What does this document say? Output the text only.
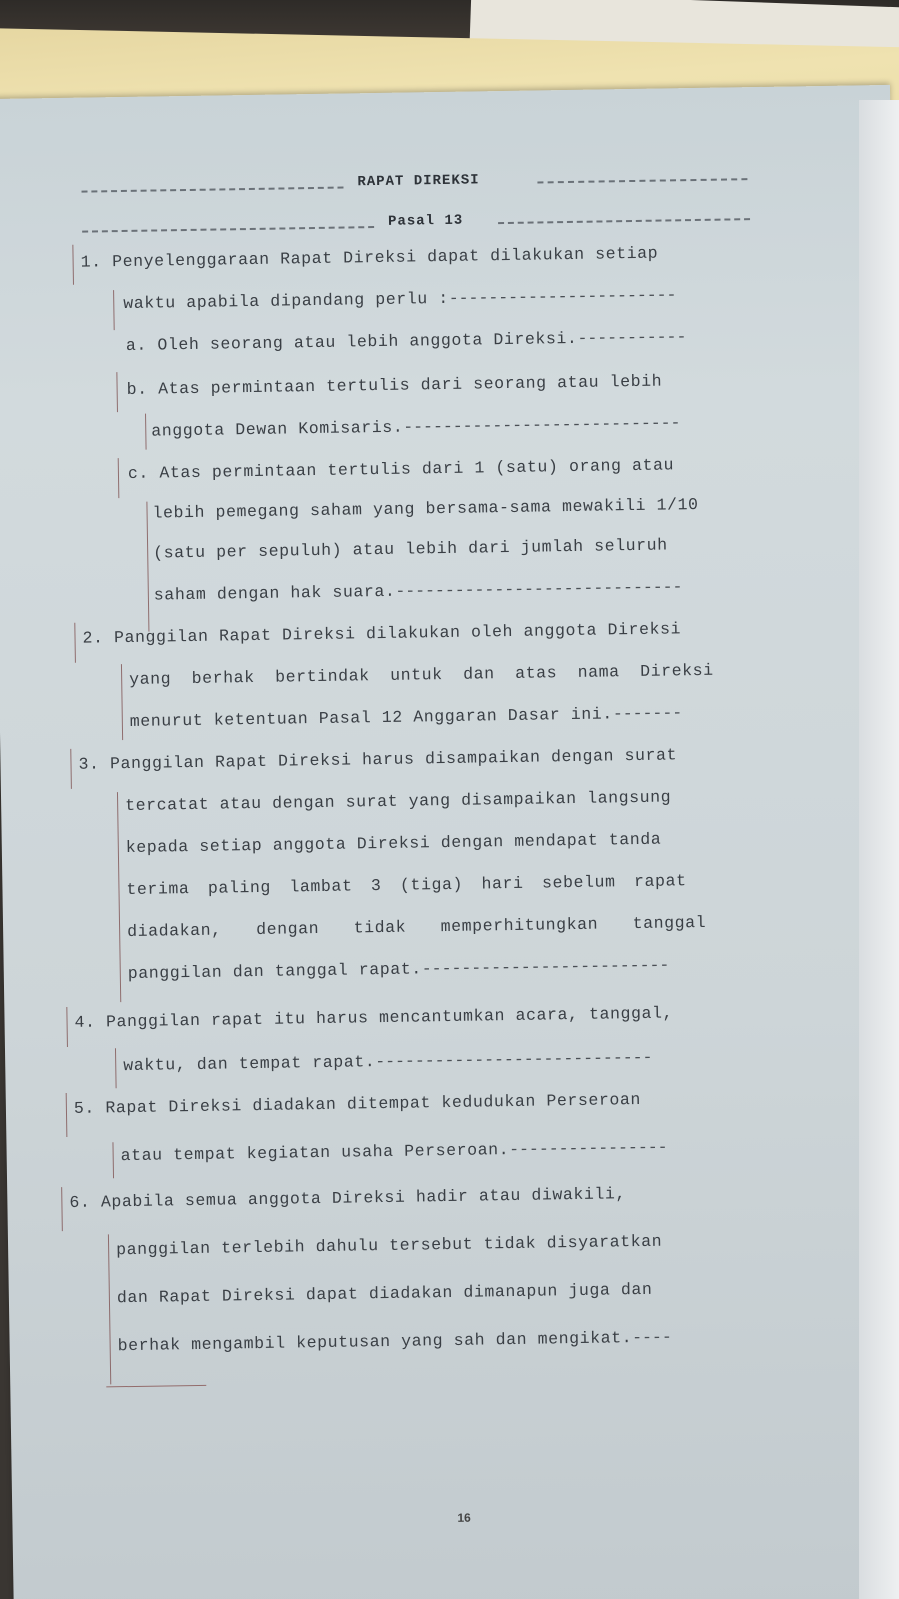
RAPAT DIREKSI
Pasal 13
1. Penyelenggaraan Rapat Direksi dapat dilakukan setiap
waktu apabila dipandang perlu :-----------------------
a. Oleh seorang atau lebih anggota Direksi.-----------
b. Atas permintaan tertulis dari seorang atau lebih
anggota Dewan Komisaris.----------------------------
c. Atas permintaan tertulis dari 1 (satu) orang atau
lebih pemegang saham yang bersama-sama mewakili 1/10
(satu per sepuluh) atau lebih dari jumlah seluruh
saham dengan hak suara.-----------------------------
2. Panggilan Rapat Direksi dilakukan oleh anggota Direksi
yang berhak bertindak untuk dan atas nama Direksi
menurut ketentuan Pasal 12 Anggaran Dasar ini.-------
3. Panggilan Rapat Direksi harus disampaikan dengan surat
tercatat atau dengan surat yang disampaikan langsung
kepada setiap anggota Direksi dengan mendapat tanda
terima paling lambat 3 (tiga) hari sebelum rapat
diadakan, dengan tidak memperhitungkan tanggal
panggilan dan tanggal rapat.-------------------------
4. Panggilan rapat itu harus mencantumkan acara, tanggal,
waktu, dan tempat rapat.----------------------------
5. Rapat Direksi diadakan ditempat kedudukan Perseroan
atau tempat kegiatan usaha Perseroan.----------------
6. Apabila semua anggota Direksi hadir atau diwakili,
panggilan terlebih dahulu tersebut tidak disyaratkan
dan Rapat Direksi dapat diadakan dimanapun juga dan
berhak mengambil keputusan yang sah dan mengikat.----
16
